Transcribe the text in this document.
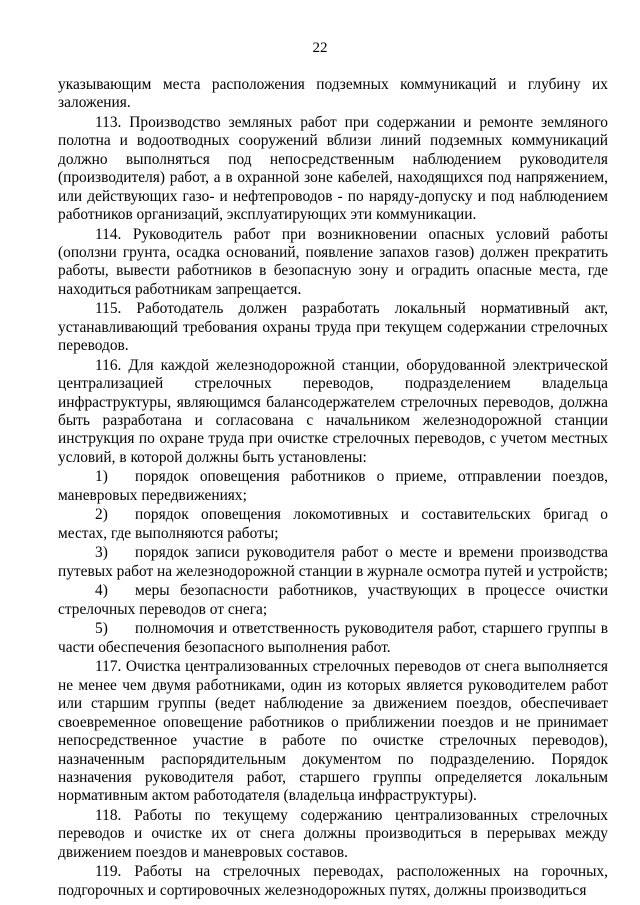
22

указывающим места расположения подземных коммуникаций и глубину их заложения.

113. Производство земляных работ при содержании и ремонте земляного полотна и водоотводных сооружений вблизи линий подземных коммуникаций должно выполняться под непосредственным наблюдением руководителя (производителя) работ, а в охранной зоне кабелей, находящихся под напряжением, или действующих газо- и нефтепроводов - по наряду-допуску и под наблюдением работников организаций, эксплуатирующих эти коммуникации.

114. Руководитель работ при возникновении опасных условий работы (оползни грунта, осадка оснований, появление запахов газов) должен прекратить работы, вывести работников в безопасную зону и оградить опасные места, где находиться работникам запрещается.

115. Работодатель должен разработать локальный нормативный акт, устанавливающий требования охраны труда при текущем содержании стрелочных переводов.

116. Для каждой железнодорожной станции, оборудованной электрической централизацией стрелочных переводов, подразделением владельца инфраструктуры, являющимся балансодержателем стрелочных переводов, должна быть разработана и согласована с начальником железнодорожной станции инструкция по охране труда при очистке стрелочных переводов, с учетом местных условий, в которой должны быть установлены:

1) порядок оповещения работников о приеме, отправлении поездов, маневровых передвижениях;

2) порядок оповещения локомотивных и составительских бригад о местах, где выполняются работы;

3) порядок записи руководителя работ о месте и времени производства путевых работ на железнодорожной станции в журнале осмотра путей и устройств;

4) меры безопасности работников, участвующих в процессе очистки стрелочных переводов от снега;

5) полномочия и ответственность руководителя работ, старшего группы в части обеспечения безопасного выполнения работ.

117. Очистка централизованных стрелочных переводов от снега выполняется не менее чем двумя работниками, один из которых является руководителем работ или старшим группы (ведет наблюдение за движением поездов, обеспечивает своевременное оповещение работников о приближении поездов и не принимает непосредственное участие в работе по очистке стрелочных переводов), назначенным распорядительным документом по подразделению. Порядок назначения руководителя работ, старшего группы определяется локальным нормативным актом работодателя (владельца инфраструктуры).

118. Работы по текущему содержанию централизованных стрелочных переводов и очистке их от снега должны производиться в перерывах между движением поездов и маневровых составов.

119. Работы на стрелочных переводах, расположенных на горочных, подгорочных и сортировочных железнодорожных путях, должны производиться
